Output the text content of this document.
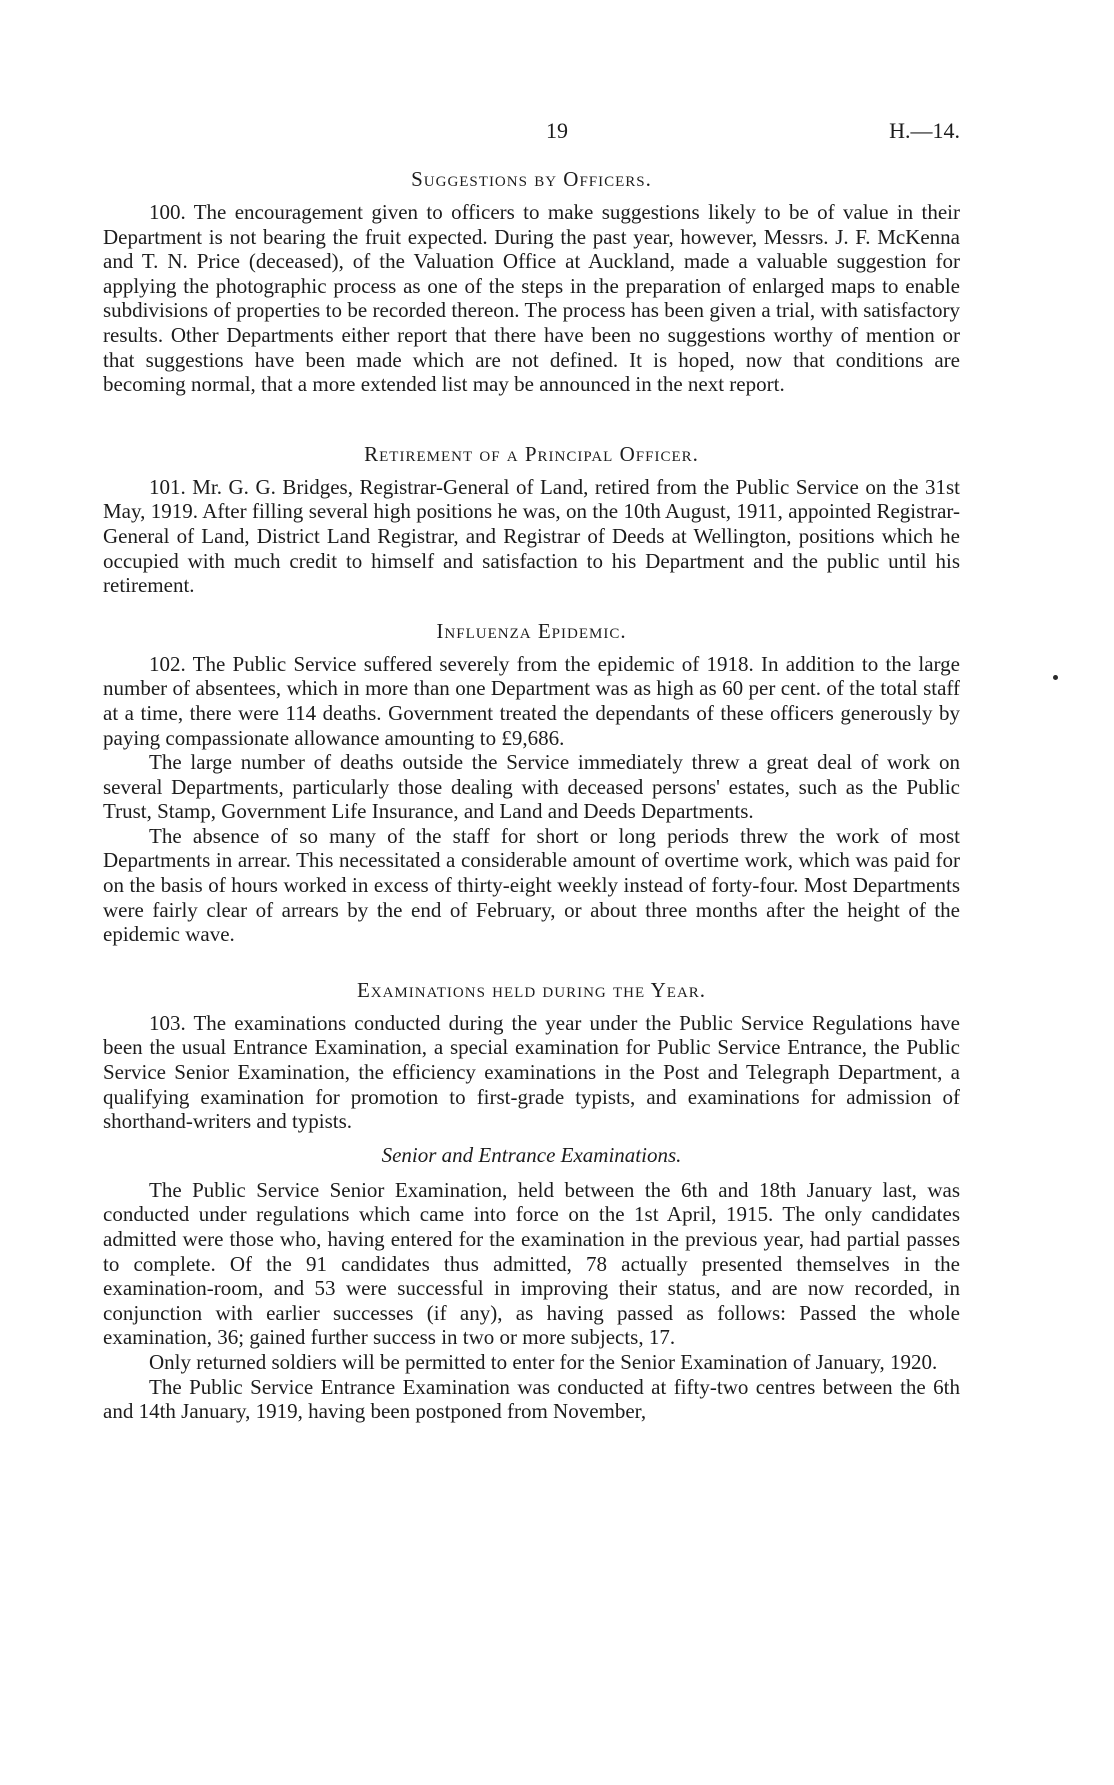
19	H.—14.
Suggestions by Officers.

100. The encouragement given to officers to make suggestions likely to be of value in their Department is not bearing the fruit expected. During the past year, however, Messrs. J. F. McKenna and T. N. Price (deceased), of the Valuation Office at Auckland, made a valuable suggestion for applying the photographic process as one of the steps in the preparation of enlarged maps to enable subdivisions of properties to be recorded thereon. The process has been given a trial, with satisfactory results. Other Departments either report that there have been no suggestions worthy of mention or that suggestions have been made which are not defined. It is hoped, now that conditions are becoming normal, that a more extended list may be announced in the next report.

Retirement of a Principal Officer.

101. Mr. G. G. Bridges, Registrar-General of Land, retired from the Public Service on the 31st May, 1919. After filling several high positions he was, on the 10th August, 1911, appointed Registrar-General of Land, District Land Registrar, and Registrar of Deeds at Wellington, positions which he occupied with much credit to himself and satisfaction to his Department and the public until his retirement.

Influenza Epidemic.

102. The Public Service suffered severely from the epidemic of 1918. In addition to the large number of absentees, which in more than one Department was as high as 60 per cent. of the total staff at a time, there were 114 deaths. Government treated the dependants of these officers generously by paying compassionate allowance amounting to £9,686.

The large number of deaths outside the Service immediately threw a great deal of work on several Departments, particularly those dealing with deceased persons' estates, such as the Public Trust, Stamp, Government Life Insurance, and Land and Deeds Departments.

The absence of so many of the staff for short or long periods threw the work of most Departments in arrear. This necessitated a considerable amount of overtime work, which was paid for on the basis of hours worked in excess of thirty-eight weekly instead of forty-four. Most Departments were fairly clear of arrears by the end of February, or about three months after the height of the epidemic wave.

Examinations held during the Year.

103. The examinations conducted during the year under the Public Service Regulations have been the usual Entrance Examination, a special examination for Public Service Entrance, the Public Service Senior Examination, the efficiency examinations in the Post and Telegraph Department, a qualifying examination for promotion to first-grade typists, and examinations for admission of shorthand-writers and typists.

Senior and Entrance Examinations.

The Public Service Senior Examination, held between the 6th and 18th January last, was conducted under regulations which came into force on the 1st April, 1915. The only candidates admitted were those who, having entered for the examination in the previous year, had partial passes to complete. Of the 91 candidates thus admitted, 78 actually presented themselves in the examination-room, and 53 were successful in improving their status, and are now recorded, in conjunction with earlier successes (if any), as having passed as follows: Passed the whole examination, 36; gained further success in two or more subjects, 17.

Only returned soldiers will be permitted to enter for the Senior Examination of January, 1920.

The Public Service Entrance Examination was conducted at fifty-two centres between the 6th and 14th January, 1919, having been postponed from November,
